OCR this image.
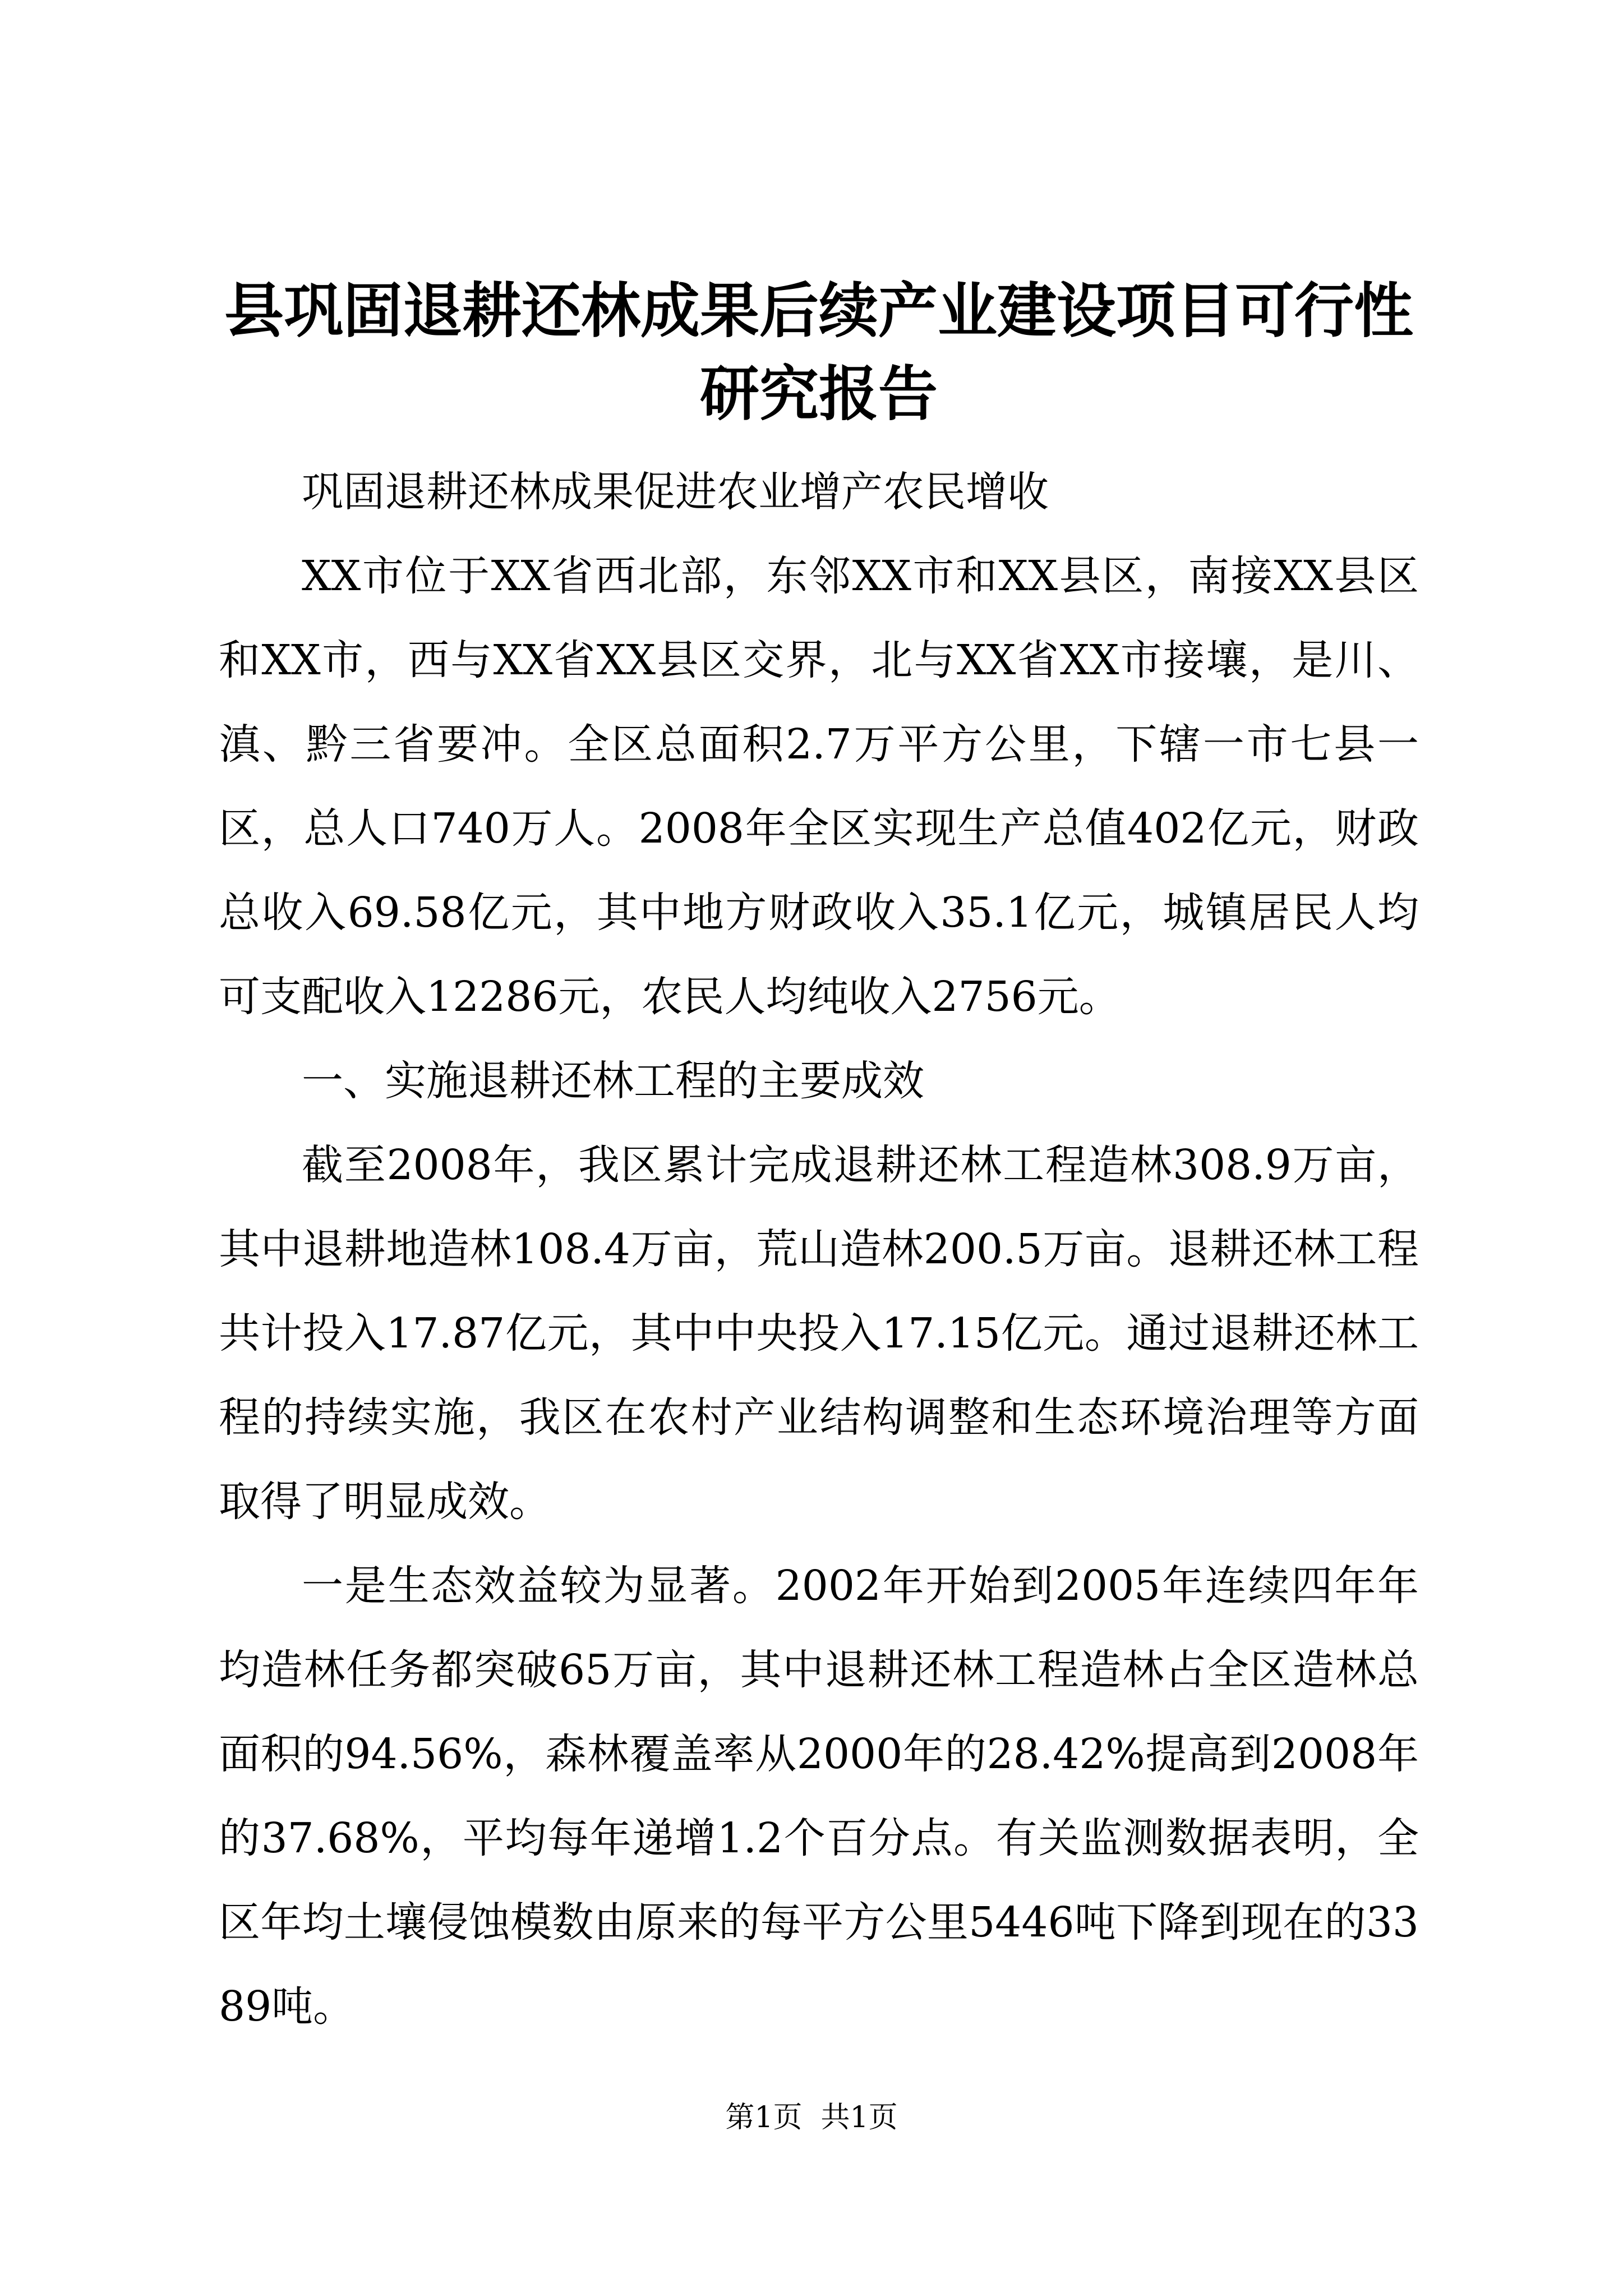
县巩固退耕还林成果后续产业建设项目可行性
研究报告

巩固退耕还林成果促进农业增产农民增收

XX市位于XX省西北部，东邻XX市和XX县区，南接XX县区和XX市，西与XX省XX县区交界，北与XX省XX市接壤，是川、滇、黔三省要冲。全区总面积2.7万平方公里，下辖一市七县一区，总人口740万人。2008年全区实现生产总值402亿元，财政总收入69.58亿元，其中地方财政收入35.1亿元，城镇居民人均可支配收入12286元，农民人均纯收入2756元。

一、实施退耕还林工程的主要成效

截至2008年，我区累计完成退耕还林工程造林308.9万亩，其中退耕地造林108.4万亩，荒山造林200.5万亩。退耕还林工程共计投入17.87亿元，其中中央投入17.15亿元。通过退耕还林工程的持续实施，我区在农村产业结构调整和生态环境治理等方面取得了明显成效。

一是生态效益较为显著。2002年开始到2005年连续四年年均造林任务都突破65万亩，其中退耕还林工程造林占全区造林总面积的94.56%，森林覆盖率从2000年的28.42%提高到2008年的37.68%，平均每年递增1.2个百分点。有关监测数据表明，全区年均土壤侵蚀模数由原来的每平方公里5446吨下降到现在的3389吨。

第1页 共1页
